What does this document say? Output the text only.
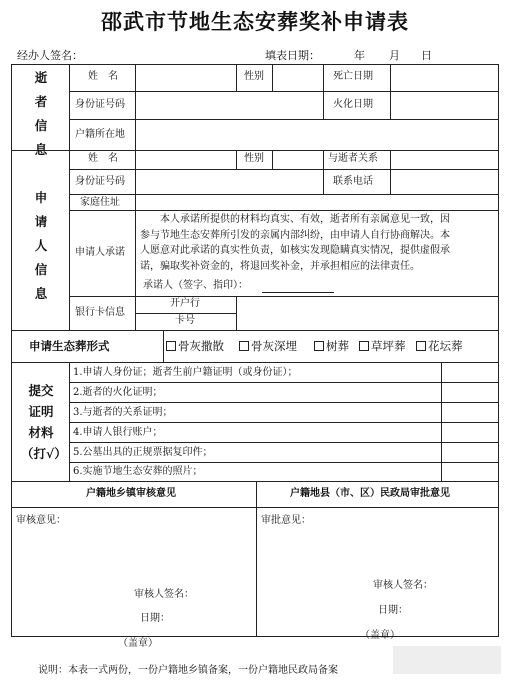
邵武市节地生态安葬奖补申请表
经办人签名：	填表日期：	年 月 日
逝
者
信
息
姓　名	性别	死亡日期
身份证号码	火化日期
户籍所在地
申
请
人
信
息
姓　名	性别	与逝者关系
身份证号码	联系电话
家庭住址
申请人承诺
本人承诺所提供的材料均真实、有效，逝者所有亲属意见一致，因
参与节地生态安葬所引发的亲属内部纠纷，由申请人自行协商解决。本
人愿意对此承诺的真实性负责，如核实发现隐瞒真实情况，提供虚假承
诺，骗取奖补资金的，将退回奖补金，并承担相应的法律责任。
承诺人（签字、指印）：
银行卡信息
开户行
卡号
申请生态葬形式	骨灰撒散	骨灰深埋	树葬	草坪葬	花坛葬
提交
证明
材料
（打√）
1.申请人身份证；逝者生前户籍证明（或身份证）；
2.逝者的火化证明；
3.与逝者的关系证明；
4.申请人银行账户；
5.公墓出具的正规票据复印件；
6.实施节地生态安葬的照片；
户籍地乡镇审核意见	户籍地县（市、区）民政局审批意见
审核意见：	审批意见：
审核人签名：
日期：
（盖章）
审核人签名：
日期：
（盖章）
说明：本表一式两份，一份户籍地乡镇备案，一份户籍地民政局备案
